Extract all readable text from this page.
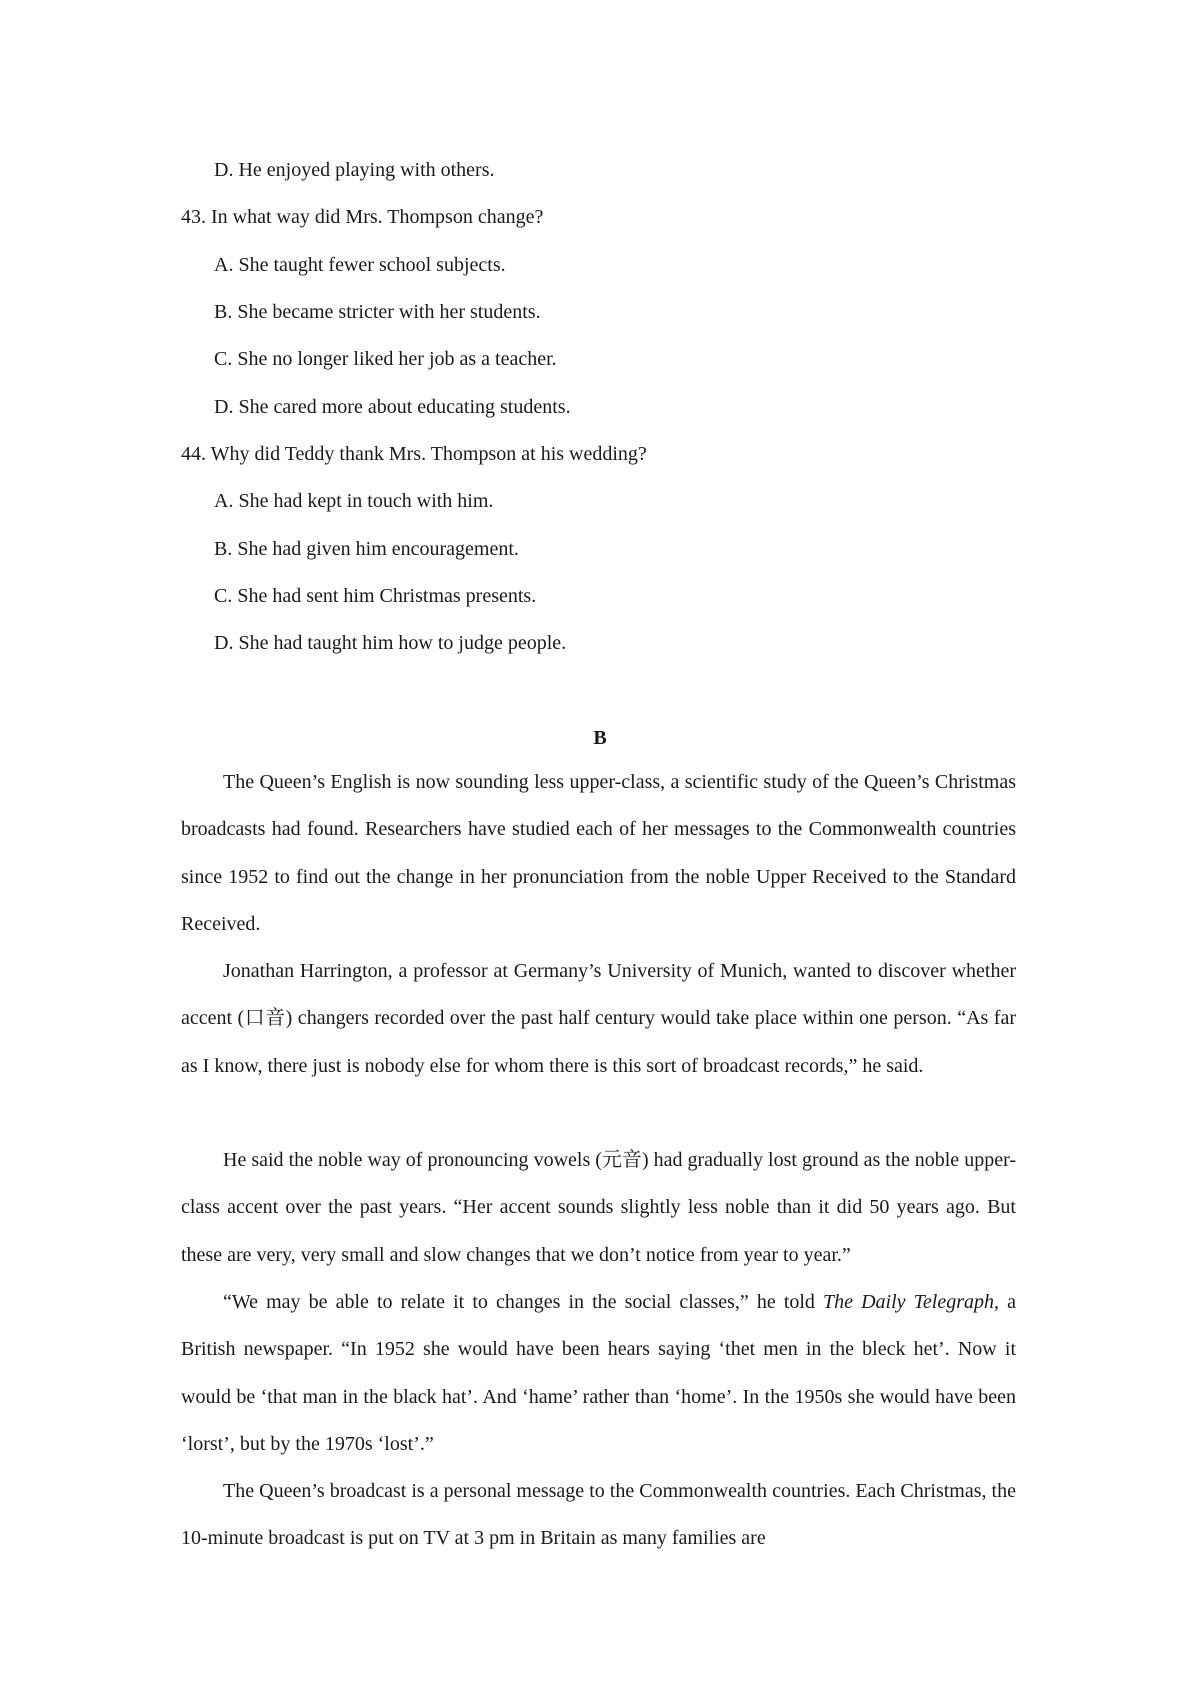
D. He enjoyed playing with others.
43. In what way did Mrs. Thompson change?
A. She taught fewer school subjects.
B. She became stricter with her students.
C. She no longer liked her job as a teacher.
D. She cared more about educating students.
44. Why did Teddy thank Mrs. Thompson at his wedding?
A. She had kept in touch with him.
B. She had given him encouragement.
C. She had sent him Christmas presents.
D. She had taught him how to judge people.
B

The Queen’s English is now sounding less upper-class, a scientific study of the Queen’s Christmas broadcasts had found. Researchers have studied each of her messages to the Commonwealth countries since 1952 to find out the change in her pronunciation from the noble Upper Received to the Standard Received.

Jonathan Harrington, a professor at Germany’s University of Munich, wanted to discover whether accent (口音) changers recorded over the past half century would take place within one person. “As far as I know, there just is nobody else for whom there is this sort of broadcast records,” he said.

He said the noble way of pronouncing vowels (元音) had gradually lost ground as the noble upper-class accent over the past years. “Her accent sounds slightly less noble than it did 50 years ago. But these are very, very small and slow changes that we don’t notice from year to year.”

“We may be able to relate it to changes in the social classes,” he told The Daily Telegraph, a British newspaper. “In 1952 she would have been hears saying ‘thet men in the bleck het’. Now it would be ‘that man in the black hat’. And ‘hame’ rather than ‘home’. In the 1950s she would have been ‘lorst’, but by the 1970s ‘lost’.”

The Queen’s broadcast is a personal message to the Commonwealth countries. Each Christmas, the 10-minute broadcast is put on TV at 3 pm in Britain as many families are
